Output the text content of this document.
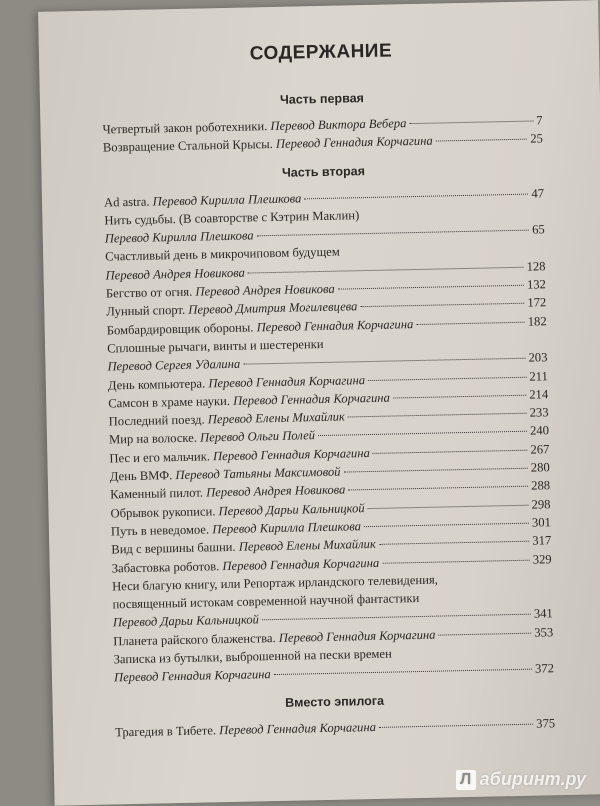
СОДЕРЖАНИЕ
Часть первая
Четвертый закон роботехники. Перевод Виктора Вебера	7
Возвращение Стальной Крысы. Перевод Геннадия Корчагина	25
Часть вторая
Ad astra. Перевод Кирилла Плешкова	47
Нить судьбы. (В соавторстве с Кэтрин Маклин)
Перевод Кирилла Плешкова	65
Счастливый день в микрочиповом будущем
Перевод Андрея Новикова	128
Бегство от огня. Перевод Андрея Новикова	132
Лунный спорт. Перевод Дмитрия Могилевцева	172
Бомбардировщик обороны. Перевод Геннадия Корчагина	182
Сплошные рычаги, винты и шестеренки
Перевод Сергея Удалина	203
День компьютера. Перевод Геннадия Корчагина	211
Самсон в храме науки. Перевод Геннадия Корчагина	214
Последний поезд. Перевод Елены Михайлик	233
Мир на волоске. Перевод Ольги Полей	240
Пес и его мальчик. Перевод Геннадия Корчагина	267
День ВМФ. Перевод Татьяны Максимовой	280
Каменный пилот. Перевод Андрея Новикова	288
Обрывок рукописи. Перевод Дарьи Кальницкой	298
Путь в неведомое. Перевод Кирилла Плешкова	301
Вид с вершины башни. Перевод Елены Михайлик	317
Забастовка роботов. Перевод Геннадия Корчагина	329
Неси благую книгу, или Репортаж ирландского телевидения,
посвященный истокам современной научной фантастики
Перевод Дарьи Кальницкой	341
Планета райского блаженства. Перевод Геннадия Корчагина	353
Записка из бутылки, выброшенной на пески времен
Перевод Геннадия Корчагина	372
Вместо эпилога
Трагедия в Тибете. Перевод Геннадия Корчагина	375
Л абиринт.ру
